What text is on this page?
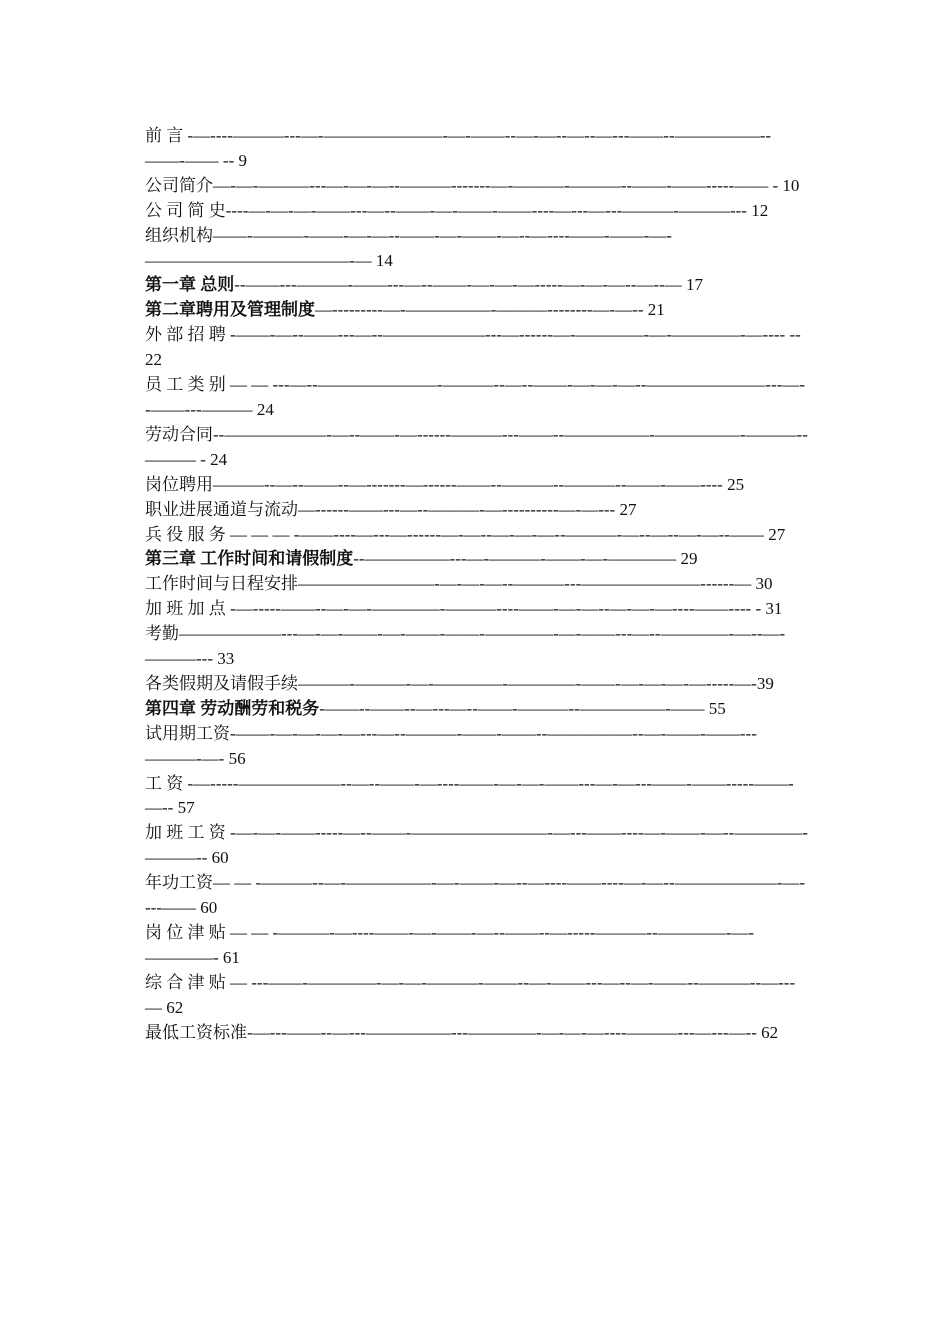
前 言 -—----———---—-———————-—-——--—-—--—--—---——--—————--——-—— -- 9

公司简介—-—-———---—-—-—--———-------—-———-———--——-——-----—— - 10

公 司 简 史----—-—-—-——---—--——-—-——-——----—---—---———-———--- 12

组织机构——-———-——-—-—--——-—-——-—--—----——-——-—-————————————-— 14

第一章 总则--——---———-——---—--——-—-—-—-----—-—-—--—--— 17

第二章聘用及管理制度—---------—-—————-———--------—-—-- 21

外 部 招 聘 -——-—--——---—--——————---—------—-————-—-————-—---- -- 22

员 工 类 别 — — ---—--———————-———--—--——-—-—-—--———————---—--——---——— 24

劳动合同--——————-—--——-—------———---——--—————-—————-———--——— - 24

岗位聘用———--—--——--—-------—------——--———--———--——-——---- 25

职业进展通道与流动—------——---—--———-—----------—-—--- 27

兵 役 服 务 — — — -——----—---—------—-—--—-—-—--———-—--—--—-—--—— 27

第三章 工作时间和请假制度--—————---—-———-——-—-———— 29

工作时间与日程安排————————-—-—-—--———---———————------— 30

加 班 加 点 -—-----——--—-—-————-———----——-—-—--—-—-—----——---- - 31

考勤——————---—-—-——-—-——-——-————-—-——---—--————-—--—-———--- 33

各类假期及请假手续———-———-—-————-————-——-—-—-—-—-----—-39

第四章 劳动酬劳和税务-——--——--—---—--——-———--—————-—— 55

试用期工资-——-—-—-—-—---—--———-——-——--—————--—-——-——---———-—- 56

工 资 -—-----——————--—--——-—----——-—-—-——---—-—---——-——-----——-—-- 57

加 班 工 资 -—-—-——-----—--——-————————-—---——----—-——-—--————-———-- 60

年功工资— — -———--—-—————-—-——-—--—----——----—-—--——————-—----—— 60

岗 位 津 贴 — — -———-—----——-—-——-—--——--—-----———--————-—-————- 61

综 合 津 贴 — ---——-————-—-—-———-——--—-——---—--—-——--———--—---— 62

最低工资标准-—---——--—---—————---————-—-—-—----———---—---—-- 62
